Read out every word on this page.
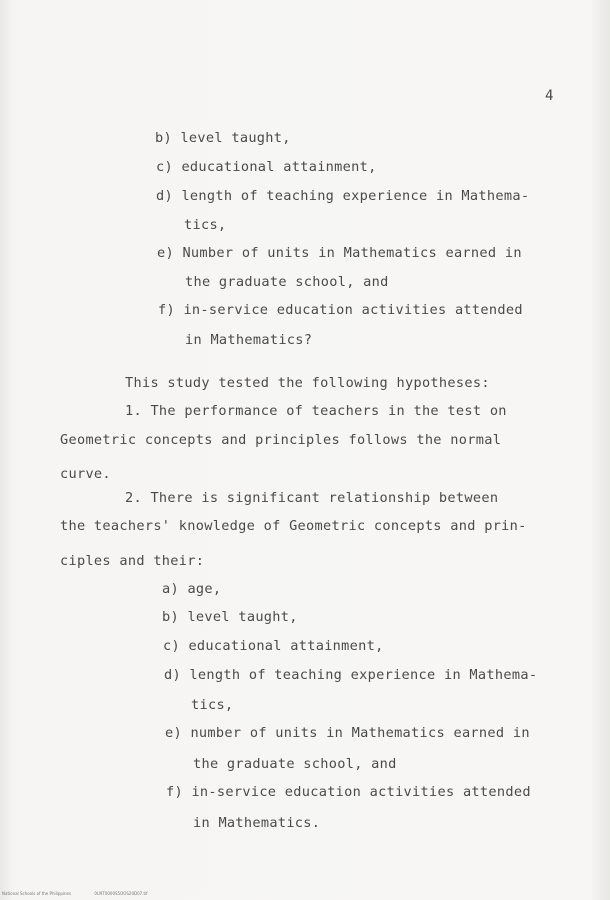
4
b) level taught,
c) educational attainment,
d) length of teaching experience in Mathema-
tics,
e) Number of units in Mathematics earned in
the graduate school, and
f) in-service education activities attended
in Mathematics?
This study tested the following hypotheses:
1. The performance of teachers in the test on
Geometric concepts and principles follows the normal
curve.
2. There is significant relationship between
the teachers' knowledge of Geometric concepts and prin-
ciples and their:
a) age,
b) level taught,
c) educational attainment,
d) length of teaching experience in Mathema-
tics,
e) number of units in Mathematics earned in
the graduate school, and
f) in-service education activities attended
in Mathematics.
National Schools of the Philippines	0U9T0000S5OOS20D07.tif
